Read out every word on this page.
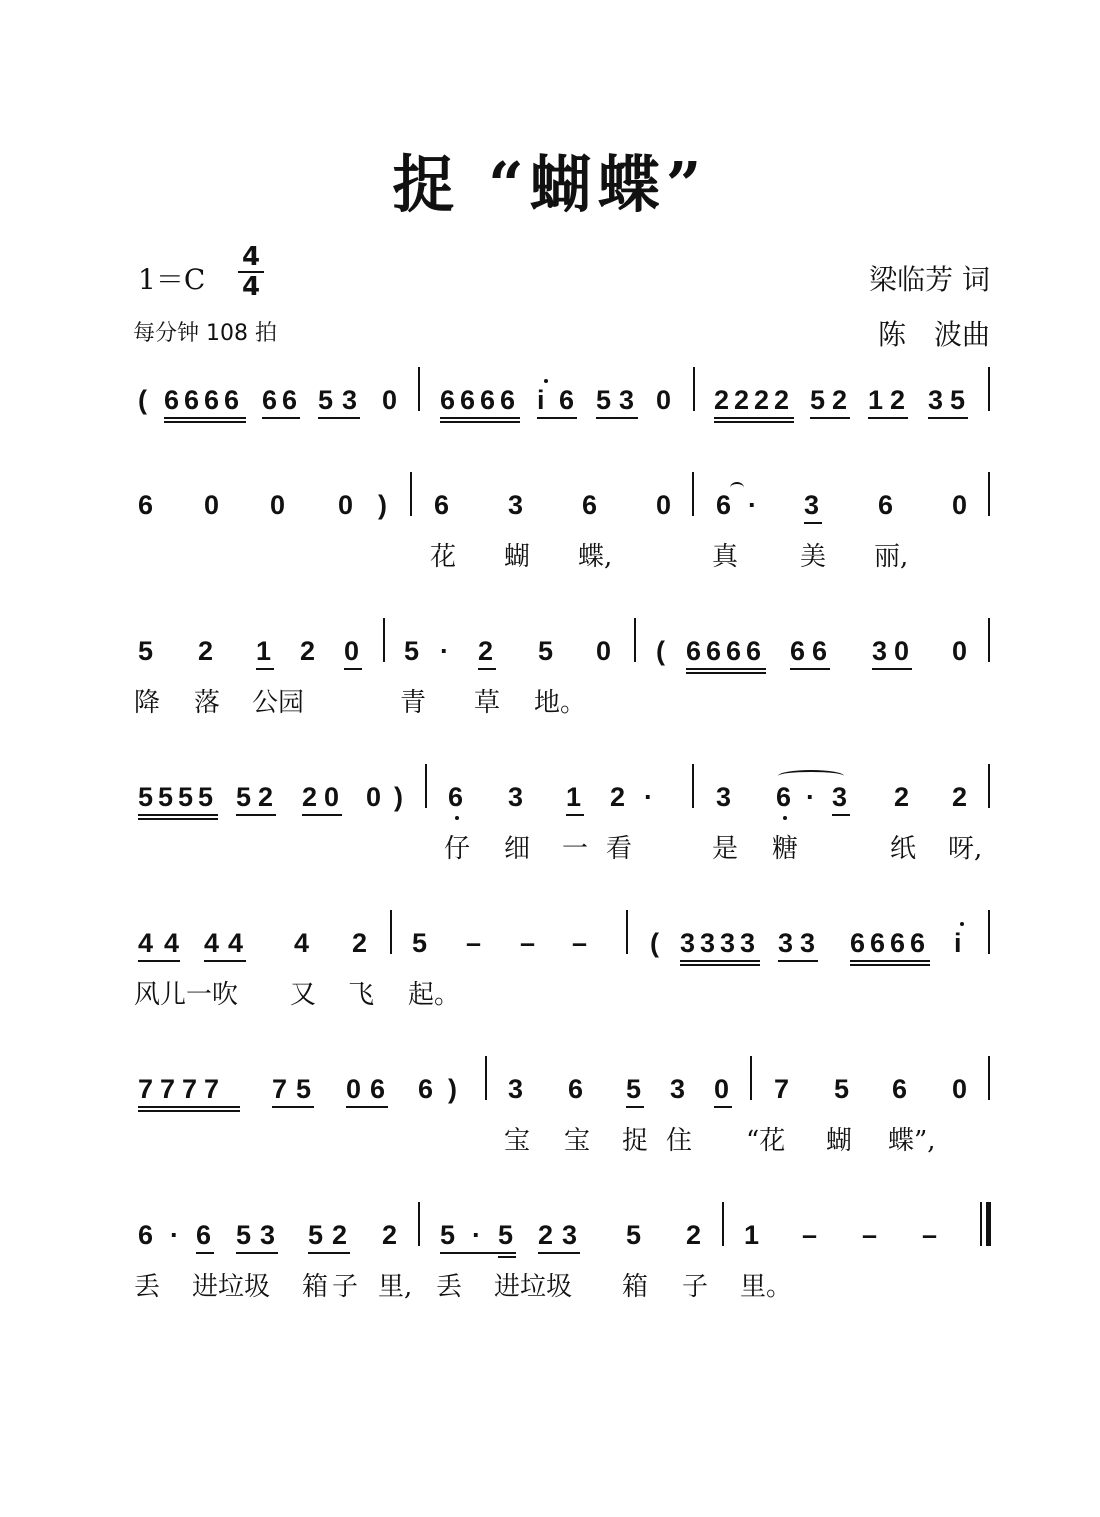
捉 “蝴蝶”
1＝C
4
4
每分钟 108 拍
梁临芳 词
陈　波曲
( 6 6 6 6 6 6 5 3 0 6 6 6 6 i 6 5 3 0 2 2 2 2 5 2 1 2 3 5
6 0 0 0 ) 6 3 6 0 6 · 3 6 0
花 蝴 蝶,	真 美 丽,
5 2 1 2 0 5 · 2 5 0 ( 6 6 6 6 6 6 3 0 0
降 落 公园	青 草 地。
5 5 5 5 5 2 2 0 0 ) 6 3 1 2 · 3 6 · 3 2 2
仔 细 一 看	是 糖	纸 呀,
4 4 4 4 4 2 5 – – – ( 3 3 3 3 3 3 6 6 6 6 i
风儿一吹 又 飞 起。
7 7 7 7 7 5 0 6 6 ) 3 6 5 3 0 7 5 6 0
宝 宝 捉 住 “花 蝴 蝶”,
6 · 6 5 3 5 2 2 5 · 5 2 3 5 2 1 – – –
丢 进垃圾 箱 子 里, 丢 进垃圾 箱 子 里。
